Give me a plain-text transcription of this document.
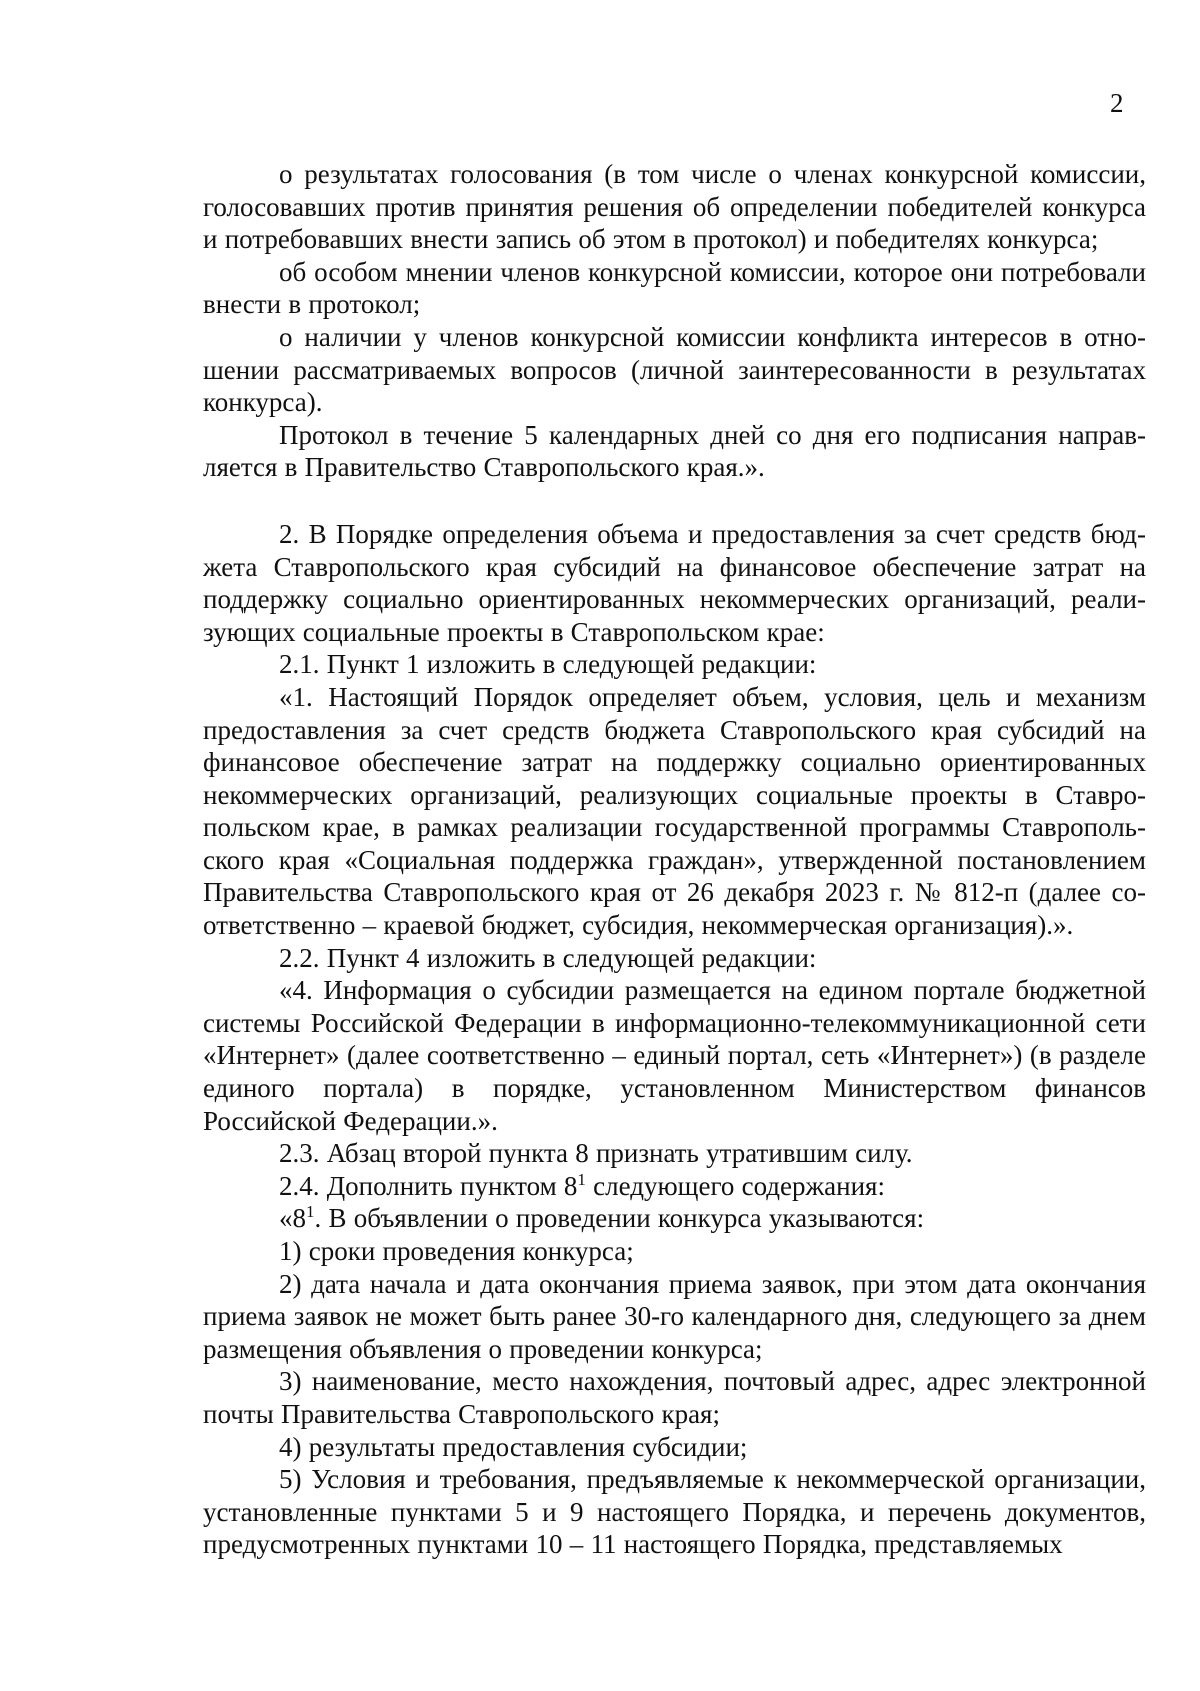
2

о результатах голосования (в том числе о членах конкурсной комиссии, голосовавших против принятия решения об определении победителей конкурса и потребовавших внести запись об этом в протокол) и победителях конкурса;

об особом мнении членов конкурсной комиссии, которое они потребовали внести в протокол;

о наличии у членов конкурсной комиссии конфликта интересов в отношении рассматриваемых вопросов (личной заинтересованности в результатах конкурса).

Протокол в течение 5 календарных дней со дня его подписания направляется в Правительство Ставропольского края.».

2. В Порядке определения объема и предоставления за счет средств бюджета Ставропольского края субсидий на финансовое обеспечение затрат на поддержку социально ориентированных некоммерческих организаций, реализующих социальные проекты в Ставропольском крае:

2.1. Пункт 1 изложить в следующей редакции:

«1. Настоящий Порядок определяет объем, условия, цель и механизм предоставления за счет средств бюджета Ставропольского края субсидий на финансовое обеспечение затрат на поддержку социально ориентированных некоммерческих организаций, реализующих социальные проекты в Ставропольском крае, в рамках реализации государственной программы Ставропольского края «Социальная поддержка граждан», утвержденной постановлением Правительства Ставропольского края от 26 декабря 2023 г. № 812-п (далее соответственно – краевой бюджет, субсидия, некоммерческая организация).».

2.2. Пункт 4 изложить в следующей редакции:

«4. Информация о субсидии размещается на едином портале бюджетной системы Российской Федерации в информационно-телекоммуникационной сети «Интернет» (далее соответственно – единый портал, сеть «Интернет») (в разделе единого портала) в порядке, установленном Министерством финансов Российской Федерации.».

2.3. Абзац второй пункта 8 признать утратившим силу.

2.4. Дополнить пунктом $8^1$ следующего содержания:

«$8^1$. В объявлении о проведении конкурса указываются:

1) сроки проведения конкурса;

2) дата начала и дата окончания приема заявок, при этом дата окончания приема заявок не может быть ранее 30-го календарного дня, следующего за днем размещения объявления о проведении конкурса;

3) наименование, место нахождения, почтовый адрес, адрес электронной почты Правительства Ставропольского края;

4) результаты предоставления субсидии;

5) Условия и требования, предъявляемые к некоммерческой организации, установленные пунктами 5 и 9 настоящего Порядка, и перечень документов, предусмотренных пунктами 10 – 11 настоящего Порядка, представляемых
